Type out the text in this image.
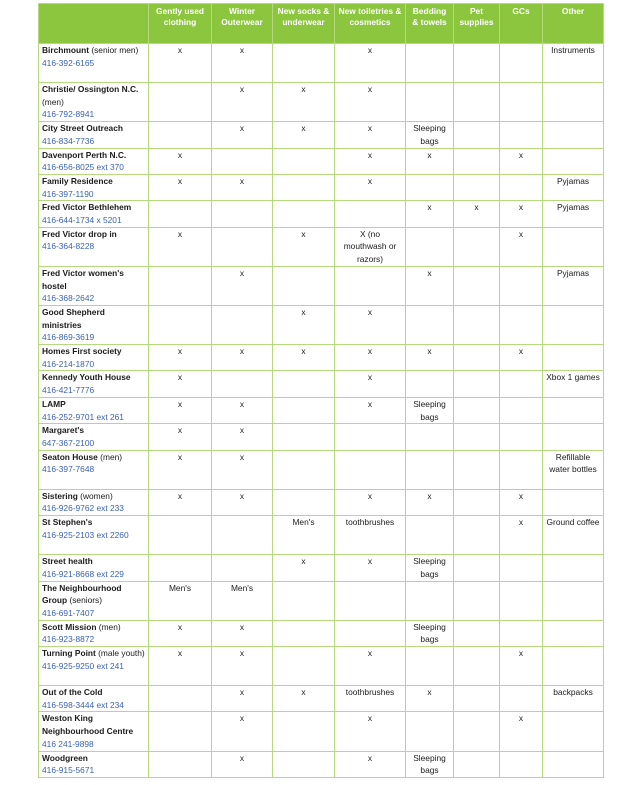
	Gently used clothing	Winter Outerwear	New socks & underwear	New toiletries & cosmetics	Bedding & towels	Pet supplies	GCs	Other
Birchmount (senior men)
416-392-6165	x	x		x				Instruments
Christie/ Ossington N.C. (men)
416-792-8941		x	x	x				
City Street Outreach
416-834-7736		x	x	x	Sleeping bags			
Davenport Perth N.C.
416-656-8025 ext 370	x			x	x		x	
Family Residence
416-397-1190	x	x		x				Pyjamas
Fred Victor Bethlehem
416-644-1734 x 5201					x	x	x	Pyjamas
Fred Victor drop in
416-364-8228	x		x	X (no mouthwash or razors)			x	
Fred Victor women's hostel
416-368-2642		x			x			Pyjamas
Good Shepherd ministries
416-869-3619			x	x				
Homes First society
416-214-1870	x	x	x	x	x		x	
Kennedy Youth House
416-421-7776	x			x				Xbox 1 games
LAMP
416-252-9701 ext 261	x	x		x	Sleeping bags			
Margaret's
647-367-2100	x	x						
Seaton House (men)
416-397-7648	x	x						Refillable water bottles
Sistering (women)
416-926-9762 ext 233	x	x		x	x		x	
St Stephen's
416-925-2103 ext 2260			Men's	toothbrushes			x	Ground coffee
Street health
416-921-8668 ext 229			x	x	Sleeping bags			
The Neighbourhood Group (seniors)
416-691-7407	Men's	Men's						
Scott Mission (men)
416-923-8872	x	x			Sleeping bags			
Turning Point (male youth)
416-925-9250 ext 241	x	x		x			x	
Out of the Cold
416-598-3444 ext 234		x	x	toothbrushes	x			backpacks
Weston King Neighbourhood Centre
416 241-9898		x		x			x	
Woodgreen
416-915-5671		x		x	Sleeping bags			
